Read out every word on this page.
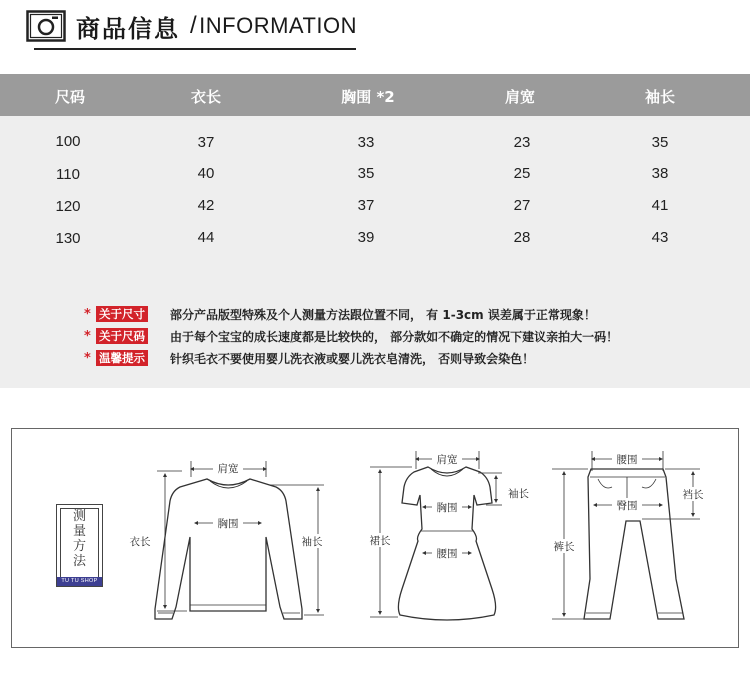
商品信息 /INFORMATION
尺码	衣长	胸围 *2	肩宽	袖长
100	37	33	23	35
110	40	35	25	38
120	42	37	27	41
130	44	39	28	43
* 关于尺寸 部分产品版型特殊及个人测量方法跟位置不同， 有 1-3cm 误差属于正常现象！
* 关于尺码 由于每个宝宝的成长速度都是比较快的， 部分款如不确定的情况下建议亲拍大一码！
* 温馨提示 针织毛衣不要使用婴儿洗衣液或婴儿洗衣皂清洗， 否则导致会染色！
测
量
方
法
TU TU SHOP
肩宽
胸围
衣长	袖长
肩宽
袖长
胸围
腰围
裙长
腰围
臀围
裆长
裤长
